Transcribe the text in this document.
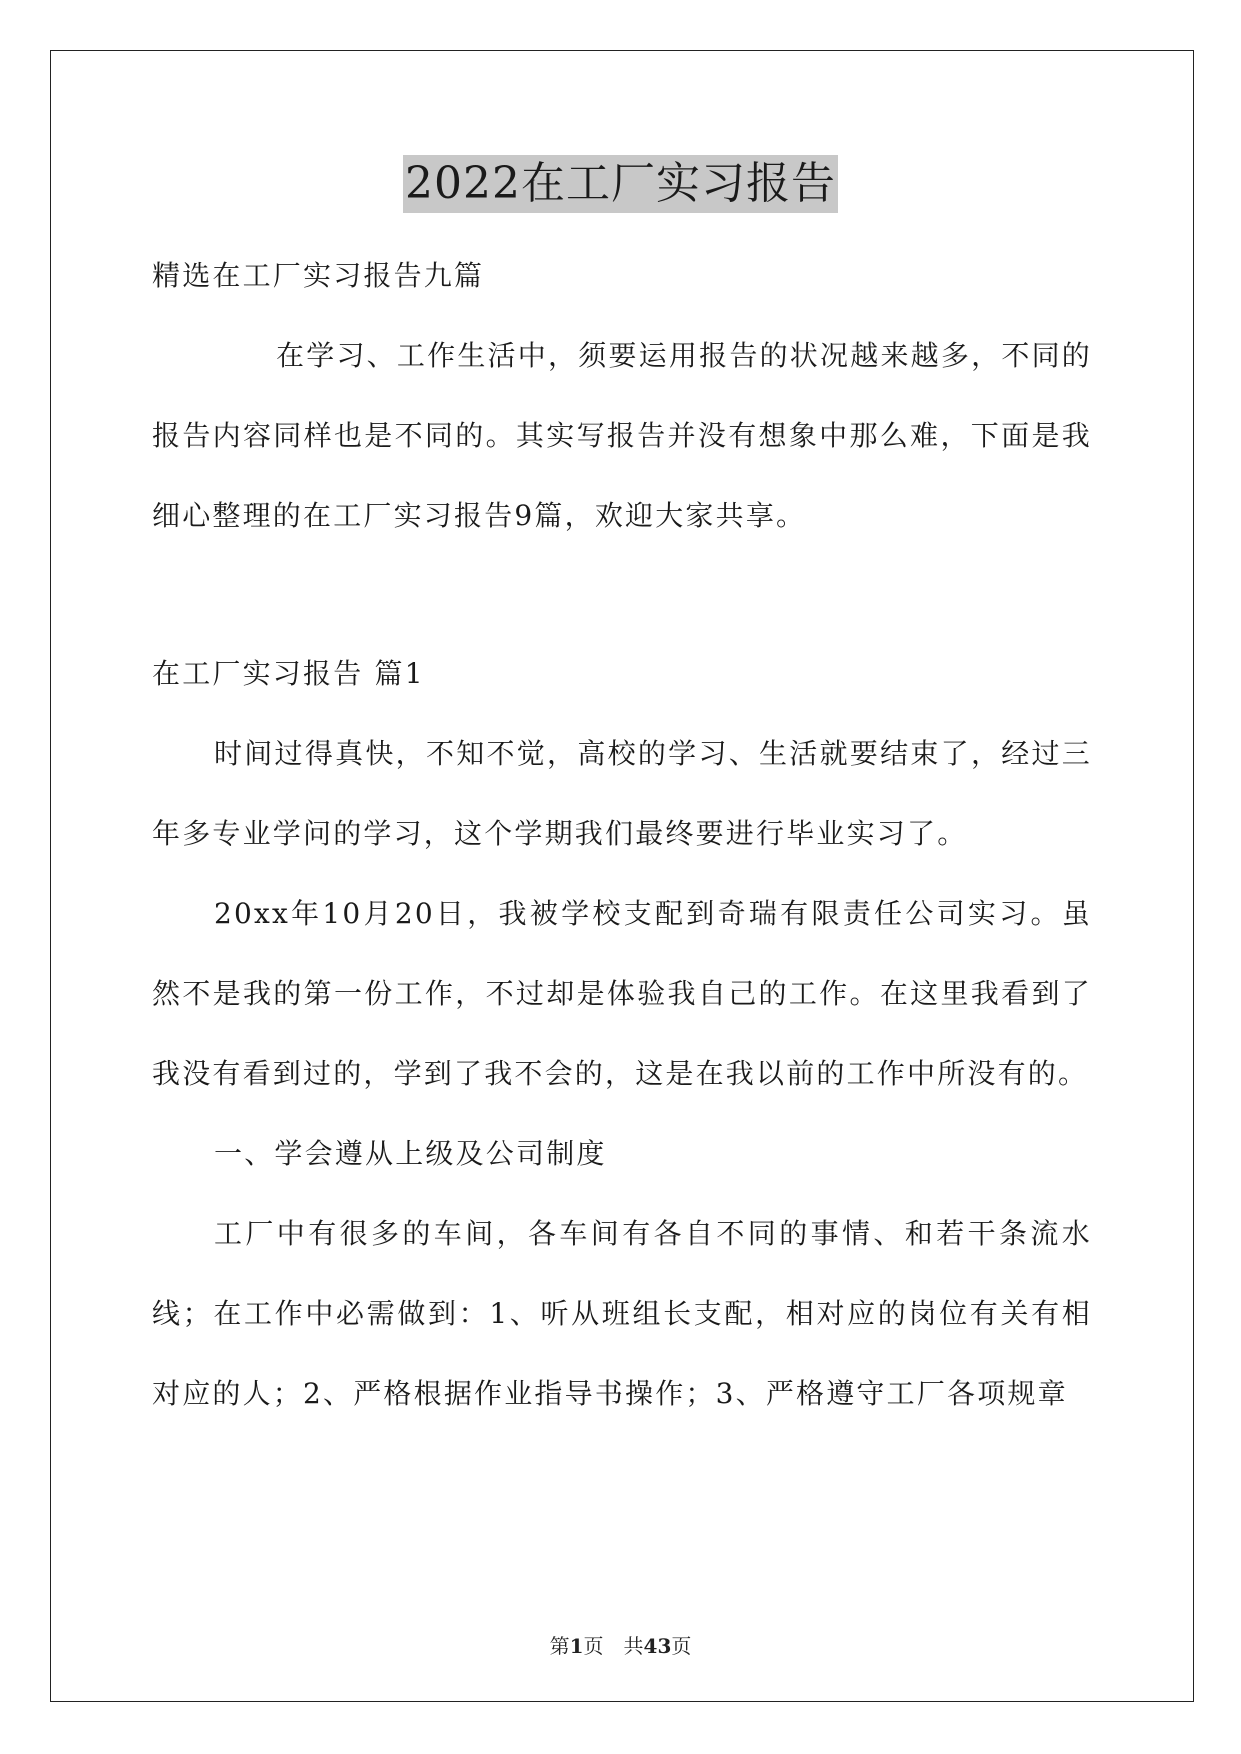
2022在工厂实习报告

精选在工厂实习报告九篇

在学习、工作生活中，须要运用报告的状况越来越多，不同的报告内容同样也是不同的。其实写报告并没有想象中那么难，下面是我细心整理的在工厂实习报告9篇，欢迎大家共享。

在工厂实习报告 篇1

时间过得真快，不知不觉，高校的学习、生活就要结束了，经过三年多专业学问的学习，这个学期我们最终要进行毕业实习了。

20xx年10月20日，我被学校支配到奇瑞有限责任公司实习。虽然不是我的第一份工作，不过却是体验我自己的工作。在这里我看到了我没有看到过的，学到了我不会的，这是在我以前的工作中所没有的。

一、学会遵从上级及公司制度

工厂中有很多的车间，各车间有各自不同的事情、和若干条流水线；在工作中必需做到：1、听从班组长支配，相对应的岗位有关有相对应的人；2、严格根据作业指导书操作；3、严格遵守工厂各项规章

第1页 共43页
